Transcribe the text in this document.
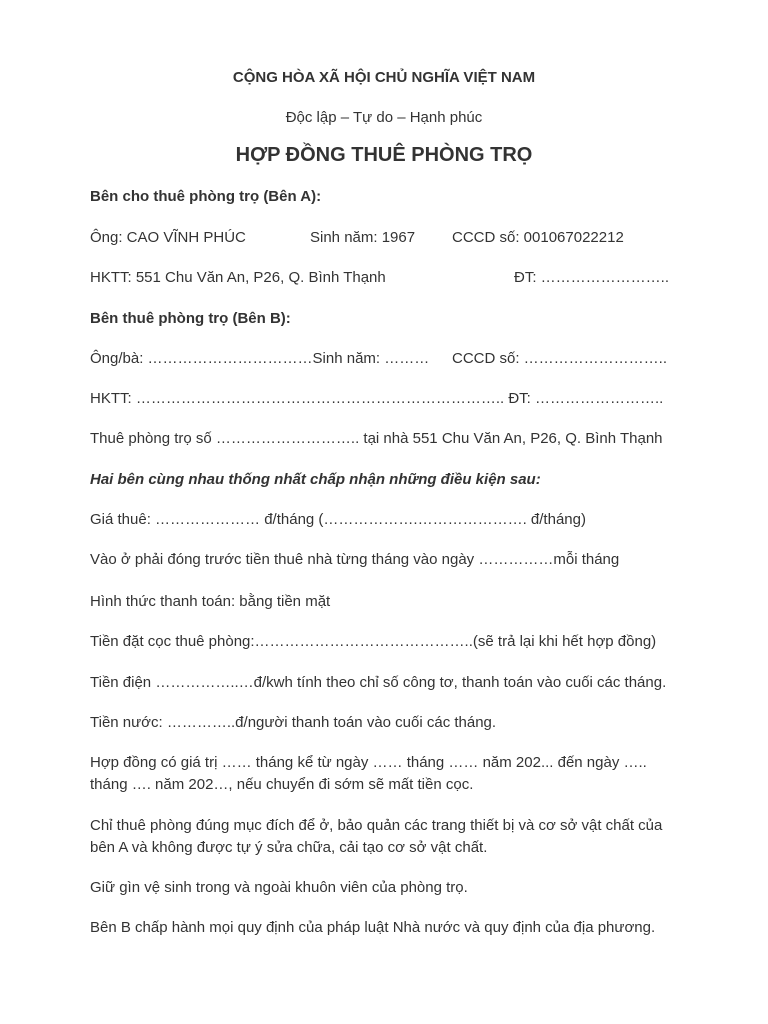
CỘNG HÒA XÃ HỘI CHỦ NGHĨA VIỆT NAM
Độc lập – Tự do – Hạnh phúc
HỢP ĐỒNG THUÊ PHÒNG TRỌ
Bên cho thuê phòng trọ (Bên A):
Ông: CAO VĨNH PHÚC	Sinh năm: 1967 CCCD số: 001067022212
HKTT: 551 Chu Văn An, P26, Q. Bình Thạnh	ĐT: ……………………..
Bên thuê phòng trọ (Bên B):
Ông/bà: ……………………………Sinh năm: ……… CCCD số: ………………………..
HKTT: ……………………………………………………………….. ĐT: ……………………..
Thuê phòng trọ số ……………………….. tại nhà 551 Chu Văn An, P26, Q. Bình Thạnh
Hai bên cùng nhau thống nhất chấp nhận những điều kiện sau:
Giá thuê: ………………… đ/tháng (……………….…………………. đ/tháng)
Vào ở phải đóng trước tiền thuê nhà từng tháng vào ngày ……………mỗi tháng
Hình thức thanh toán: bằng tiền mặt
Tiền đặt cọc thuê phòng:……………………………………..(sẽ trả lại khi hết hợp đồng)
Tiền điện ……………..…đ/kwh tính theo chỉ số công tơ, thanh toán vào cuối các tháng.
Tiền nước: …………..đ/người thanh toán vào cuối các tháng.
Hợp đồng có giá trị …… tháng kể từ ngày …… tháng …… năm 202... đến ngày ….. tháng …. năm 202…, nếu chuyển đi sớm sẽ mất tiền cọc.
Chỉ thuê phòng đúng mục đích để ở, bảo quản các trang thiết bị và cơ sở vật chất của bên A và không được tự ý sửa chữa, cải tạo cơ sở vật chất.
Giữ gìn vệ sinh trong và ngoài khuôn viên của phòng trọ.
Bên B chấp hành mọi quy định của pháp luật Nhà nước và quy định của địa phương.
